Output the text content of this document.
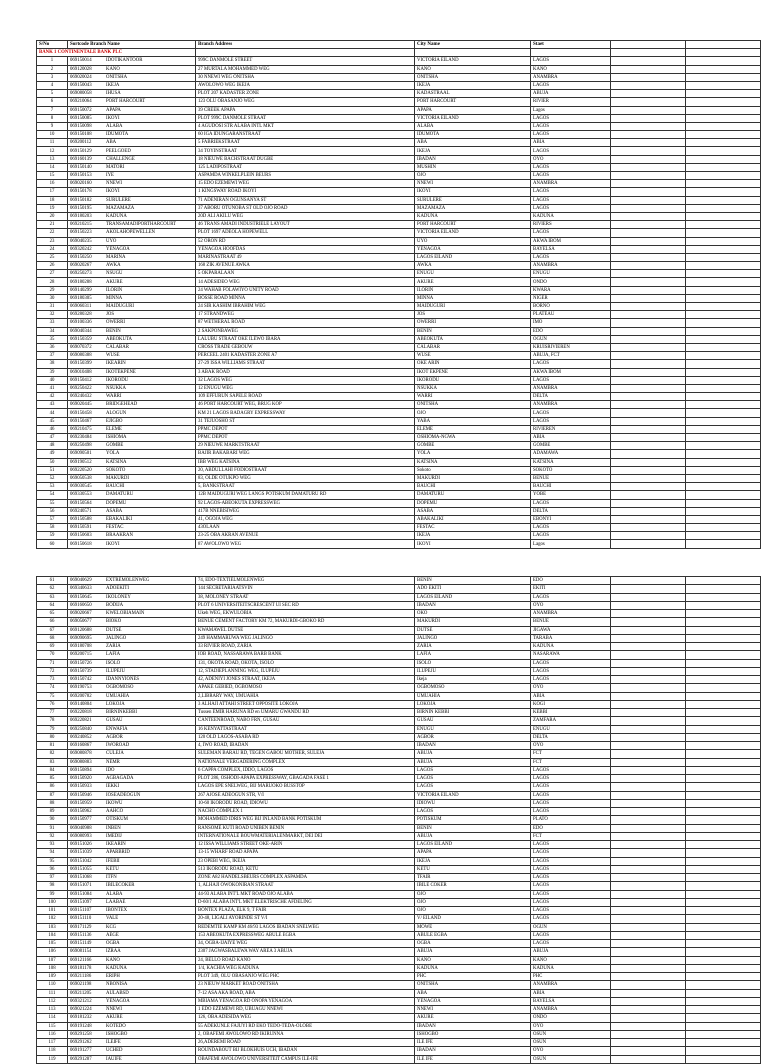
S/No	Sortcode Branch Name	Branch Address	City Name	Staet		
BANK 1 CONTINENTALE BANK PLC						
1	069150014 IDOTIKANTOOR	999C DANMOLE STREET	VICTORIA EILAND	LAGOS		
2	069120028 KANO	27 MURTALA MOHAMMED WEG	KANO	KANO		
3	069020024 ONITSHA	30 NNEWI WEG ONITSHA	ONITSHA	ANAMBRA		
4	069150043 IKEJA	AWOLOWO WEG IKEJA	IKEJA	LAGOS		
5	069080058 IHUSA	PLOT 207 KADASTER ZONE	KADASTRAAL	ABUJA		
6	069210064 PORT HARCOURT	123 OLU OBASANJO WEG	PORT HARCOURT	RIVIER		
7	069150072 APAPA	39 CREEK APAPA	APAPA	Lagos		
8	069150085 IKOYI	PLOT 999C DANMOLE STRAAT	VICTORIA EILAND	LAGOS		
9	069150098 ALABA	4 AGUDOSI STR ALABA INTL MKT	ALABA	LAGOS		
10	069150108 IDUMOTA	60 IGA IDUNGARANSTRAAT	IDUMOTA	LAGOS		
11	069200112 ABA	5 FABRIEKSTRAAT	ABA	ABIA		
12	069150129 PEELGOED	34 TOYINSTRAAT	IKEJA	LAGOS		
13	069160139 CHALLENGE	18 NIEUWE BACHSTRAAT DUGBE	IBADAN	OYO		
14	069150140 MATORI	125 LADIPOSTRAAT	MUSHIN	LAGOS		
15	069150153 IYE	ASPAMDA WINKELPLEIN BEURS	OJO	LAGOS		
16	069020160 NNEWI	15 EDO EZEMEWI WEG	NNEWI	ANAMBRA		
17	069150178 IKOYI	1 KINGSWAY ROAD IKOYI	IKOYI	LAGOS		
18	069150182 SURULERE	71 ADENIRAN OGUNSANYA ST	SURULERE	LAGOS		
19	069150195 MAZAMAZA	37 ABORU OTUNOBA ST OLD OJO ROAD	MAZAMAZA	LAGOS		
20	069180203 KADUNA	20D ALI AKILU WEG	KADUNA	KADUNA		
21	069210215 TRANSAMADIPORTHARCOURT	46 TRANS AMADI INDUSTRIELE LAYOUT	PORT HARCOURT	RIVIERS		
22	069150223 AKOLAHOPEWELLEN	PLOT 1697 ADEOLA HOPEWELL	VICTORIA EILAND	LAGOS		
23	069040235 UYO	52 ORON RD	UYO	AKWA IBOM		
24	069320242 YENAGOA	YENAGOA HOOFDAS	YENAGOA	BAYELSA		
25	069150250 MARINA	MARINASTRAAT 49	LAGOS EILAND	LAGOS		
26	069020267 AWKA	168 ZIK AVENUE AWKA	AWKA	ANAMBRA		
27	069250273 NSUGU	5 OKPARALAAN	ENUGU	ENUGU		
28	069180288 AKURE	14 ADESIDEO WEG	AKURE	ONDO		
29	069140299 ILORIN	24 WAHAB FOLAWIYO UNITY ROAD	ILORIN	KWARA		
30	069180305 MINNA	BOSSE ROAD MINNA	MINNA	NIGER		
31	069060311 MAIDUGURI	24 SIR KASHIM IBRAHIM WEG	MAIDUGURI	BORNO		
32	069280328 JOS	17 STRANDWEG	JOS	PLATEAU		
33	069100336 OWERRI	87 WETHERAL ROAD	OWERRI	IMO		
34	069040344 BENIN	2 SAKPONBAWEG	BENIN	EDO		
35	069150359 ABEOKUTA	LALUBU STRAAT OKE ILEWO IBARA	ABEOKUTA	OGUN		
36	069070372 CALABAR	CROSS TRADE GEBOUW	CALABAR	KRUISRIVIEREN		
37	069080388 WUSE	PERCEEL 2401 KADASTER ZONE A7	WUSE	ABUJA, FCT		
38	069150399 IKEARIN	27-29 ISSA WILLIAMS STRAAT	OKE ARIN	LAGOS		
39	069010408 IKOTEKPENE	3 ABAK ROAD	IKOT EKPENE	AKWA IBOM		
40	069150412 IKORODU	32 LAGOS WEG	IKORODU	LAGOS		
41	069250422 NSUKKA	12 ENUGU WEG	NSUKKA	ANAMBRA		
42	069240432 WARRI	109 EFFURUN SAPELE ROAD	WARRI	DELTA		
43	069020445 BRIDGEHEAD	46 PORT HARCOURT WEG, BRUG KOP	ONITSHA	ANAMBRA		
44	069150458 ALOGUN	KM 21 LAGOS BADAGRY EXPRESSWAY	OJO	LAGOS		
45	069150467 EJIGBO	31 TEJUOSHO ST	YABA	LAGOS		
46	069210475 ELEME	PPMC DEPOT	ELEME	RIVIEREN		
47	069230484 ISHIOMA	PPMC DEPOT	OSHIOMA-NGWA	ABIA		
48	069250498 GOMBE	29 NIEUWE MARKTSTRAAT	GOMBE	GOMBE		
49	069090501 YOLA	BAJIR BAKABARI WEG	YOLA	ADAMAWA		
50	069190512 KATSINA	IBB WEG KATSINA	KATSINA	KATSINA		
51	069220520 SOKOTO	20, ABDULLAHI FODIOSTRAAT	Sokoto	SOKOTO		
52	069050538 MAKURDI	83, OLDE OTUKPO WEG	MAKURDI	BENUE		
53	069030545 BAUCHI	5, BANKSTRAAT	BAUCHI	BAUCHI		
54	069330553 DAMATURU	12B MAIDUGURI WEG LANGS POTISKUM DAMATURU RD	DAMATURU	YOBE		
55	069150564 DOPEMU	92 LAGOS-ABEOKUTA EXPRESSWEG	DOPEMU	LAGOS		
56	069240571 ASABA	417B NNEBISIWEG	ASABA	DELTA		
57	069150588 EBAKALIKI	41, OGOJA WEG	ABAKALIKI	EBONYI		
58	069150591 FESTAC	43OLAAN	FESTAC	LAGOS		
59	069150603 BRAAKRAN	23-25 OBA AKRAN AVENUE	IKEJA	LAGOS		
60	069150618 IKOYI	87 AWOLOWO WEG	IKOYI	Lagos		
61	069040629 EXTREMOLENWEG	74, EDO-TEXTIELMOLENWEG	BENIN	EDO		
62	069340633 ADOEKITI	144 SECRETARIAATSVIN	ADO EKITI	EKITI		
63	069150645 IKOLONEY	38, MOLONEY STRAAT	LAGOS EILAND	LAGOS		
64	069160650 BODIJA	PLOT 6 UNIVERSITEITSCRESCENT UI SEC RD	IBADAN	OYO		
65	069020667 KWELOBIAMAIN	Ukeh WEG, EKWULOBIA	OKO	ANAMBRA		
66	069050677 BIOKO	BENUE CEMENT FACTORY KM 72, MAKURDI-GBOKO RD	MAKURDI	BENUE		
67	069120688 DUTSE	KWAMAWEL DUTSE	DUTSE	JIGAWA		
68	069090695 JALINGO	249 HAMMARUWA WEG JALINGO	JALINGO	TARABA		
69	069180708 ZARIA	33 RIVIER ROAD, ZARIA	ZARIA	KADUNA		
70	069200715 LAFIA	IOB ROAD, NASSARAWA BARB BANK	LAFIA	NASARAWA		
71	069150726 ISOLO	131, OKOTA ROAD, OKOTA, ISOLO	ISOLO	LAGOS		
72	069150739 ILUPEJU	12, STADIEPLANNING WEG, ILUPEJU	ILUPEJU	LAGOS		
73	069150742 IDANNYIONES	42, ADENIYI JONES STRAAT, IKEJA	Ikeja	LAGOS		
74	069190753 OGBOMOSO	APAKE GEBIED, OGBOMOSO	OGBOMOSO	OYO		
75	069200782 UMUAHIA	2,LIBRARY WAY, UMUAHIA	UMUAHIA	ABIA		
76	069140804 LOKOJA	3 ALHAJI ATTAHI STREET OPPOSITE LOKOJA	LOKOJA	KOGI		
77	069220818 BIRNINKEBBI	Tussen EMIR HARUNA RD en UMARU GWANDU RD	BIRNIN KEBBI	KEBBI		
78	069220821 GUSAU	CANTEENROAD, NABO FRN, GUSAU	GUSAU	ZAMFARA		
79	069250840 ENWAFIA	16 KENYATTASTRAAT	ENUGU	ENUGU		
80	069240852 AGBOR	120 OLD LAGOS-ASABA RD	AGBOR	DELTA		
81	069160867 IWOROAD	4, IWO ROAD, IBADAN	IBADAN	OYO		
82	069080878 CULEJA	SULEMAN BARAU RD, TEGEN GABOU MOTHER, SULEJA	ABUJA	FCT		
83	069080883 NEMR	NATIONALE VERGADERING COMPLEX	ABUJA	FCT		
84	069150894 IDO	6 CAPPA COMPLEX, IDDO, LAGOS	LAGOS	LAGOS		
85	069150920 AGBAGADA	PLOT 286, OSHODI-APAPA EXPRESSWAY, GBAGADA FASE 1	LAGOS	LAGOS		
86	069150933 IEKKI	LAGOS EPE SNELWEG, BIJ MARUOKO BUSSTOP	LAGOS	LAGOS		
87	069150946 IOSEADEOGUN	267 AJOSE ADEOGUN STR, V/I	VICTORIA EILAND	LAGOS		
88	069150959 IKOWU	10-60 IKORODU ROAD, IDIOWU	IDIOWU	LAGOS		
89	069150962 AAHCO	NACHO COMPLEX 1	LAGOS	LAGOS		
90	069150977 OTISKUM	MOHAMMED IDRIS WEG BIJ INLAND BANK POTISKUM	POTISKUM	PLATO		
91	069040988 INBEN	RANSOME KUTI ROAD UNIBEN BENIN	BENIN	EDO		
92	069080993 IMEDIJ	INTERNATIONALE BOUWMATERIALENMARKT, DEI DEI	ABUJA	FCT		
93	069151026 IKEARIN	12 ISSA WILLIAMS STREET OKE-ARIN	LAGOS EILAND	LAGOS		
94	069151039 APARBRID	13-15 WHARF ROAD APAPA	APAPA	LAGOS		
95	069151042 IFEBII	23 OPEBI WEG, IKEJA	IKEJA	LAGOS		
96	069151055 KETU	513 IKORODU ROAD, KETU	KETU	LAGOS		
97	069151068 ITFN	ZONE A82 HANDELSBEURS COMPLEX ASPAMDA	TFAIR	LAGOS		
98	069151071 IBILECOKER	1, ALHAJI OWOKONIRAN STRAAT	IBILE COKER	LAGOS		
99	069151084 ALABA	44-93 ALABA INT'L MKT ROAD OJO ALABA	OJO	LAGOS		
100	069151097 LAABAE	D-60/1 ALABA INT'L MKT ELEKTRISCHE AFDELING	OJO	LAGOS		
101	069151107 IBONTEX	BONTEX PLAZA, ELK 9, T FAIR	OJO	LAGOS		
102	069151110 VALE	20-48, LIGALI AYORINDE ST V/I	V/ EILAND	LAGOS		
103	069171129 KCG	REDEMTIE KAMP KM 46/93 LAGOS IBADAN SNELWEG	MOWE	OGUN		
104	069151136 AEGE	153 ABEOKUTA EXPRESSWEG ABULE EGBA	ABULE EGBA	LAGOS		
105	069151149 OGBA	34, OGBA-IJAIYE WEG	OGBA	LAGOS		
106	069081154 IZRAA	2307 JAGWASBALEWA WAY AREA 3 ABUJA	ABUJA	ABUJA		
107	069121166 KANO	24, BELLO ROAD KANO	KANO	KANO		
108	069181178 KADUNA	1/4, KACHIA WEG KADUNA	KADUNA	KADUNA		
109	069211186 ERIPH	PLOT 349, OLU OBASANJO WEG PHC	PHC	PHC		
110	069021198 NBONISA	23 NIEUW MARKET ROAD ONITSHA	ONITSHA	ANAMBRA		
111	069211205 AULABSD	7-12 ASA AKA ROAD, ABA	ABA	ABIA		
112	069321212 YENAGOA	MBIAMA YENAGOA RD ONOPA YENAGOA	YENAGOA	BAYELSA		
113	069021224 NNEWI	1 EDO EZEMEWI RD, UBUAGU NNEWI	NNEWI	ANAMBRA		
114	069181232 AKURE	126, OBA ADESIDA WEG	AKURE	ONDO		
115	069191248 KOTEDO	55 ADEKUNLE FAJUYI RD EKO TEDO-TEDA-OLOBE	IBADAN	OYO		
116	069291258 ISHOGBO	2, OBAFEMI AWOLOWO RD IKIRUNNA	ISHOGBO	OSUN		
117	069291262 ILEIFE	26,ADEREMI ROAD	ILE IFE	OSUN		
118	069191277 UCHED	ROUNDABOUT BIJ BLOKHUIS UCH, IBADAN	IBADAN	OYO		
119	069291287 IAUIFE	OBAFEMI AWOLOWO UNIVERSITEIT CAMPUS ILE-IFE	ILE IFE	OSUN		
